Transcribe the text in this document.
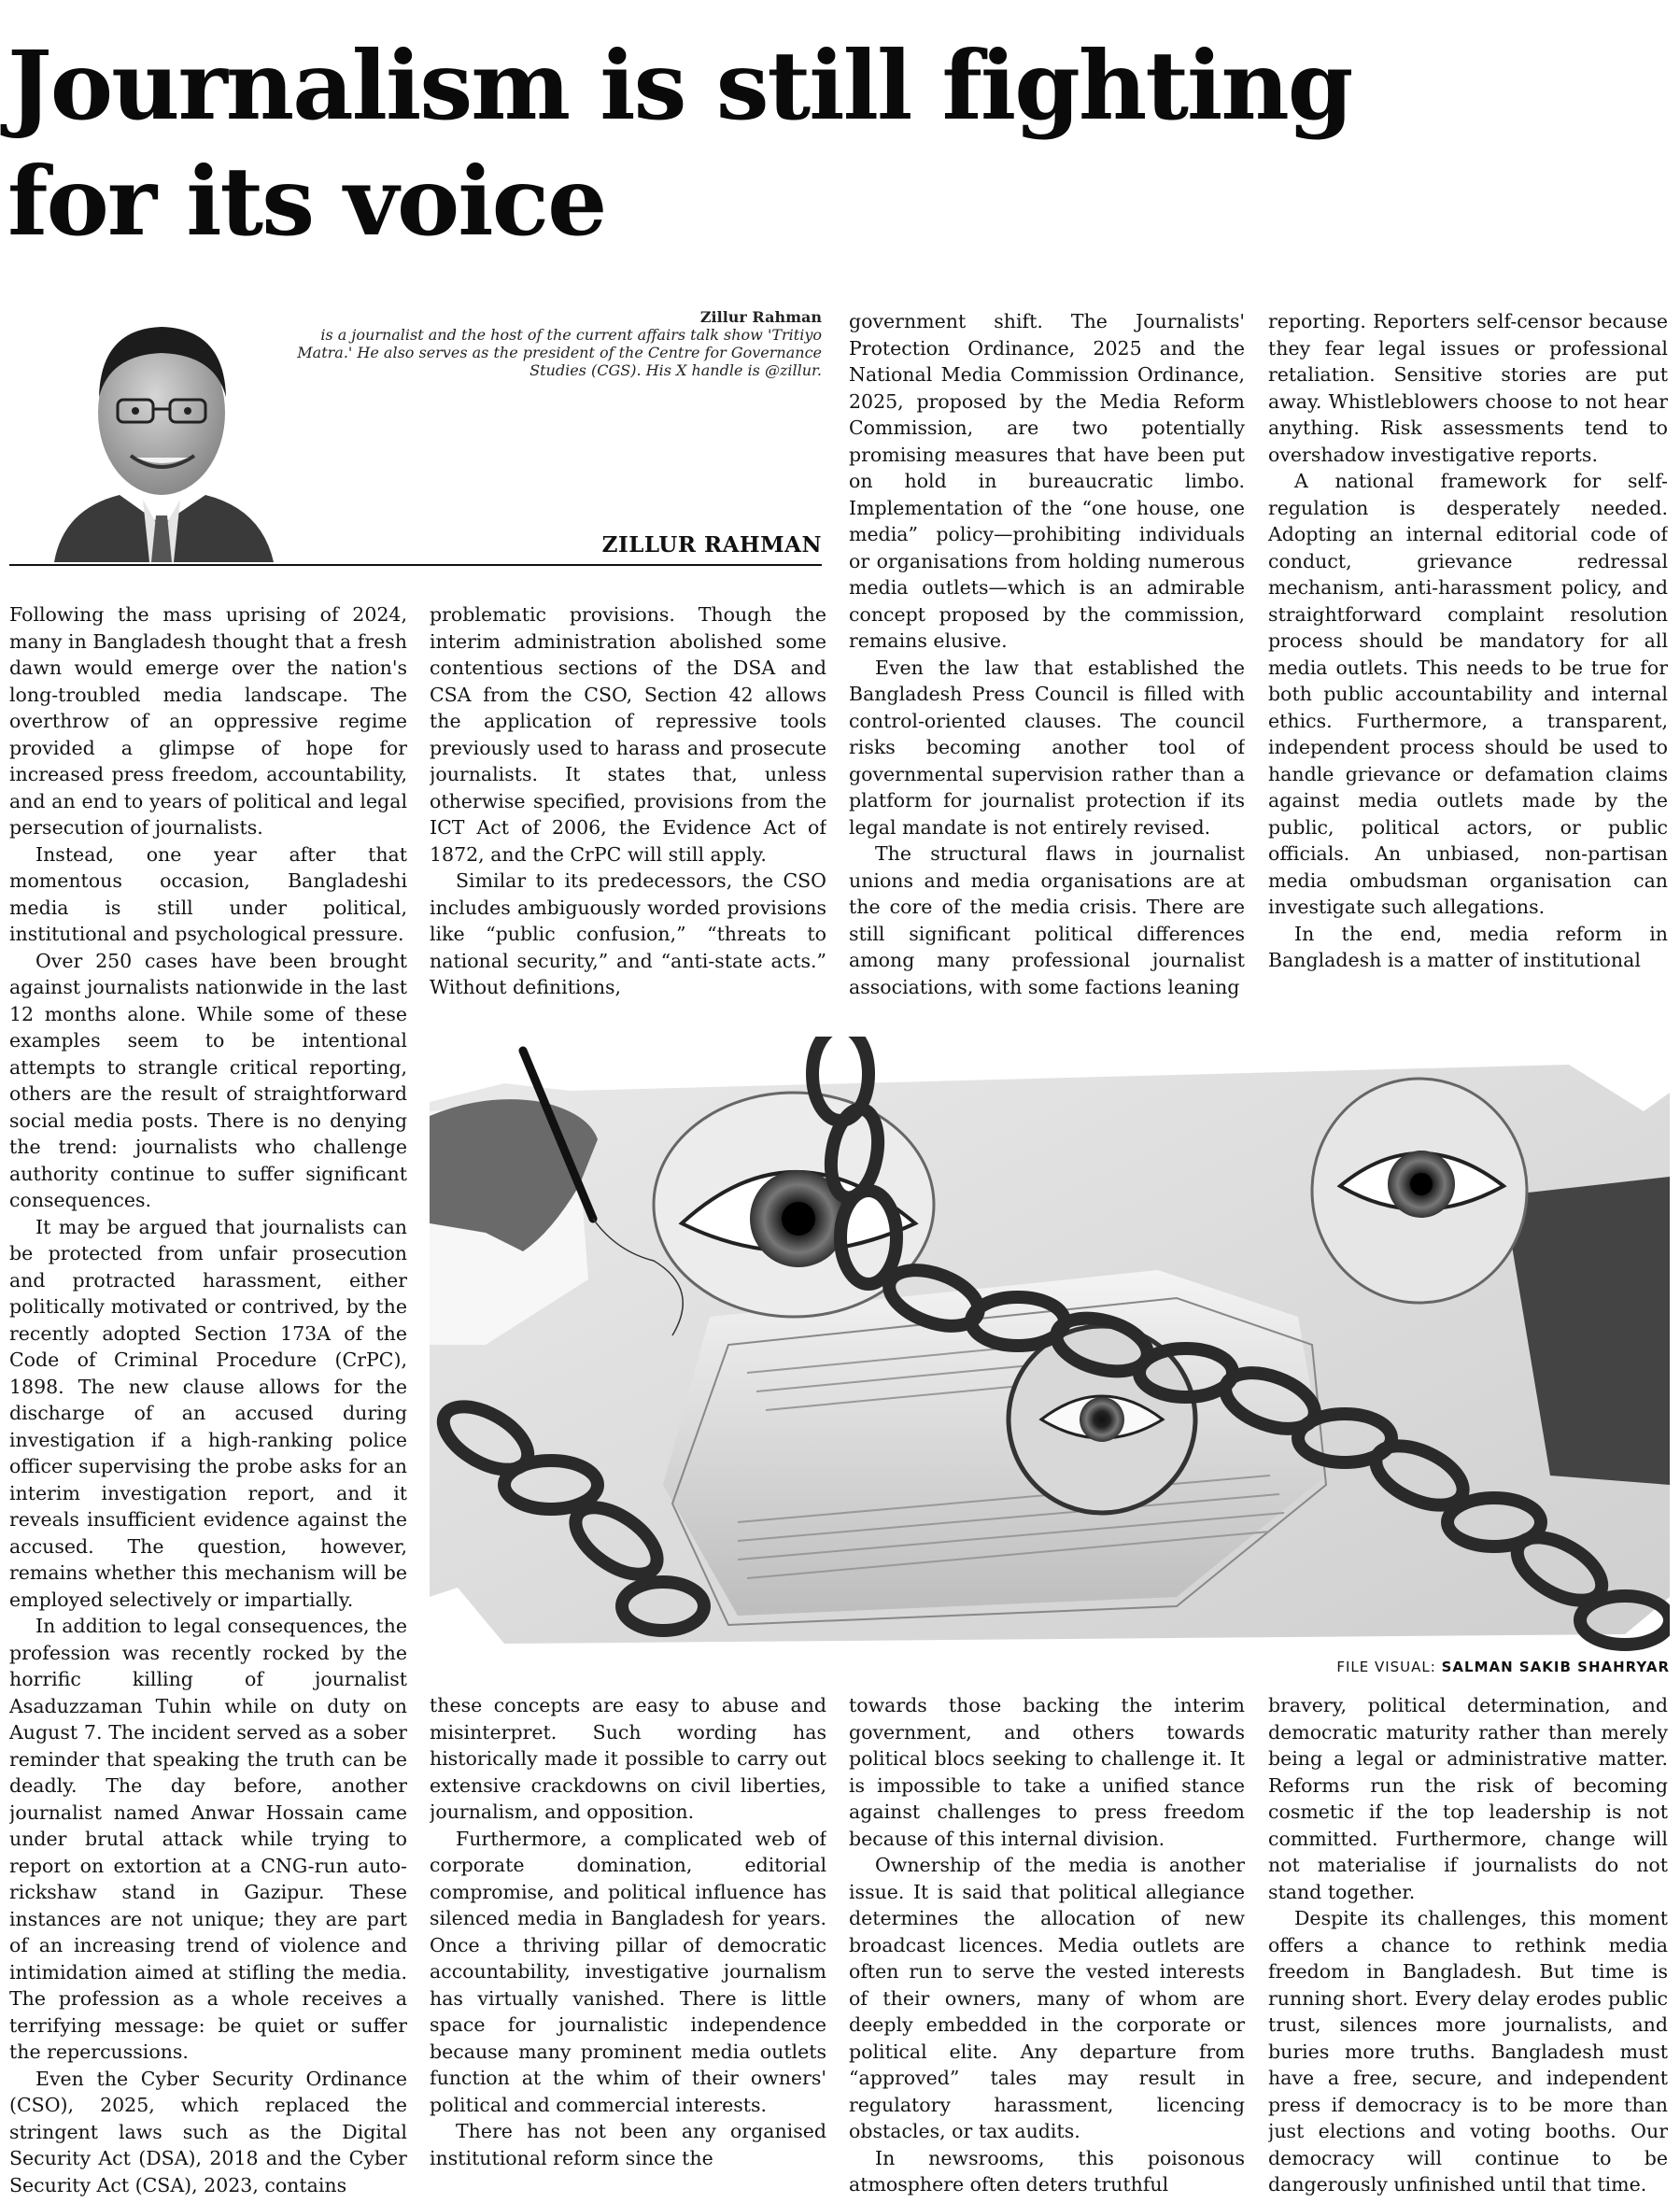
Journalism is still fighting
for its voice
Zillur Rahman
is a journalist and the host of the current affairs talk show 'Tritiyo Matra.' He also serves as the president of the Centre for Governance Studies (CGS). His X handle is @zillur.
ZILLUR RAHMAN

Following the mass uprising of 2024, many in Bangladesh thought that a fresh dawn would emerge over the nation's long-troubled media landscape. The overthrow of an oppressive regime provided a glimpse of hope for increased press freedom, accountability, and an end to years of political and legal persecution of journalists.

Instead, one year after that momentous occasion, Bangladeshi media is still under political, institutional and psychological pressure.

Over 250 cases have been brought against journalists nationwide in the last 12 months alone. While some of these examples seem to be intentional attempts to strangle critical reporting, others are the result of straightforward social media posts. There is no denying the trend: journalists who challenge authority continue to suffer significant consequences.

It may be argued that journalists can be protected from unfair prosecution and protracted harassment, either politically motivated or contrived, by the recently adopted Section 173A of the Code of Criminal Procedure (CrPC), 1898. The new clause allows for the discharge of an accused during investigation if a high-ranking police officer supervising the probe asks for an interim investigation report, and it reveals insufficient evidence against the accused. The question, however, remains whether this mechanism will be employed selectively or impartially.

In addition to legal consequences, the profession was recently rocked by the horrific killing of journalist Asaduzzaman Tuhin while on duty on August 7. The incident served as a sober reminder that speaking the truth can be deadly. The day before, another journalist named Anwar Hossain came under brutal attack while trying to report on extortion at a CNG-run auto-rickshaw stand in Gazipur. These instances are not unique; they are part of an increasing trend of violence and intimidation aimed at stifling the media. The profession as a whole receives a terrifying message: be quiet or suffer the repercussions.

Even the Cyber Security Ordinance (CSO), 2025, which replaced the stringent laws such as the Digital Security Act (DSA), 2018 and the Cyber Security Act (CSA), 2023, contains

problematic provisions. Though the interim administration abolished some contentious sections of the DSA and CSA from the CSO, Section 42 allows the application of repressive tools previously used to harass and prosecute journalists. It states that, unless otherwise specified, provisions from the ICT Act of 2006, the Evidence Act of 1872, and the CrPC will still apply.

Similar to its predecessors, the CSO includes ambiguously worded provisions like “public confusion,” “threats to national security,” and “anti-state acts.” Without definitions,

government shift. The Journalists' Protection Ordinance, 2025 and the National Media Commission Ordinance, 2025, proposed by the Media Reform Commission, are two potentially promising measures that have been put on hold in bureaucratic limbo. Implementation of the “one house, one media” policy—prohibiting individuals or organisations from holding numerous media outlets—which is an admirable concept proposed by the commission, remains elusive.

Even the law that established the Bangladesh Press Council is filled with control-oriented clauses. The council risks becoming another tool of governmental supervision rather than a platform for journalist protection if its legal mandate is not entirely revised.

The structural flaws in journalist unions and media organisations are at the core of the media crisis. There are still significant political differences among many professional journalist associations, with some factions leaning

reporting. Reporters self-censor because they fear legal issues or professional retaliation. Sensitive stories are put away. Whistleblowers choose to not hear anything. Risk assessments tend to overshadow investigative reports.

A national framework for self-regulation is desperately needed. Adopting an internal editorial code of conduct, grievance redressal mechanism, anti-harassment policy, and straightforward complaint resolution process should be mandatory for all media outlets. This needs to be true for both public accountability and internal ethics. Furthermore, a transparent, independent process should be used to handle grievance or defamation claims against media outlets made by the public, political actors, or public officials. An unbiased, non-partisan media ombudsman organisation can investigate such allegations.

In the end, media reform in Bangladesh is a matter of institutional

FILE VISUAL: SALMAN SAKIB SHAHRYAR

these concepts are easy to abuse and misinterpret. Such wording has historically made it possible to carry out extensive crackdowns on civil liberties, journalism, and opposition.

Furthermore, a complicated web of corporate domination, editorial compromise, and political influence has silenced media in Bangladesh for years. Once a thriving pillar of democratic accountability, investigative journalism has virtually vanished. There is little space for journalistic independence because many prominent media outlets function at the whim of their owners' political and commercial interests.

There has not been any organised institutional reform since the

towards those backing the interim government, and others towards political blocs seeking to challenge it. It is impossible to take a unified stance against challenges to press freedom because of this internal division.

Ownership of the media is another issue. It is said that political allegiance determines the allocation of new broadcast licences. Media outlets are often run to serve the vested interests of their owners, many of whom are deeply embedded in the corporate or political elite. Any departure from “approved” tales may result in regulatory harassment, licencing obstacles, or tax audits.

In newsrooms, this poisonous atmosphere often deters truthful

bravery, political determination, and democratic maturity rather than merely being a legal or administrative matter. Reforms run the risk of becoming cosmetic if the top leadership is not committed. Furthermore, change will not materialise if journalists do not stand together.

Despite its challenges, this moment offers a chance to rethink media freedom in Bangladesh. But time is running short. Every delay erodes public trust, silences more journalists, and buries more truths. Bangladesh must have a free, secure, and independent press if democracy is to be more than just elections and voting booths. Our democracy will continue to be dangerously unfinished until that time.
